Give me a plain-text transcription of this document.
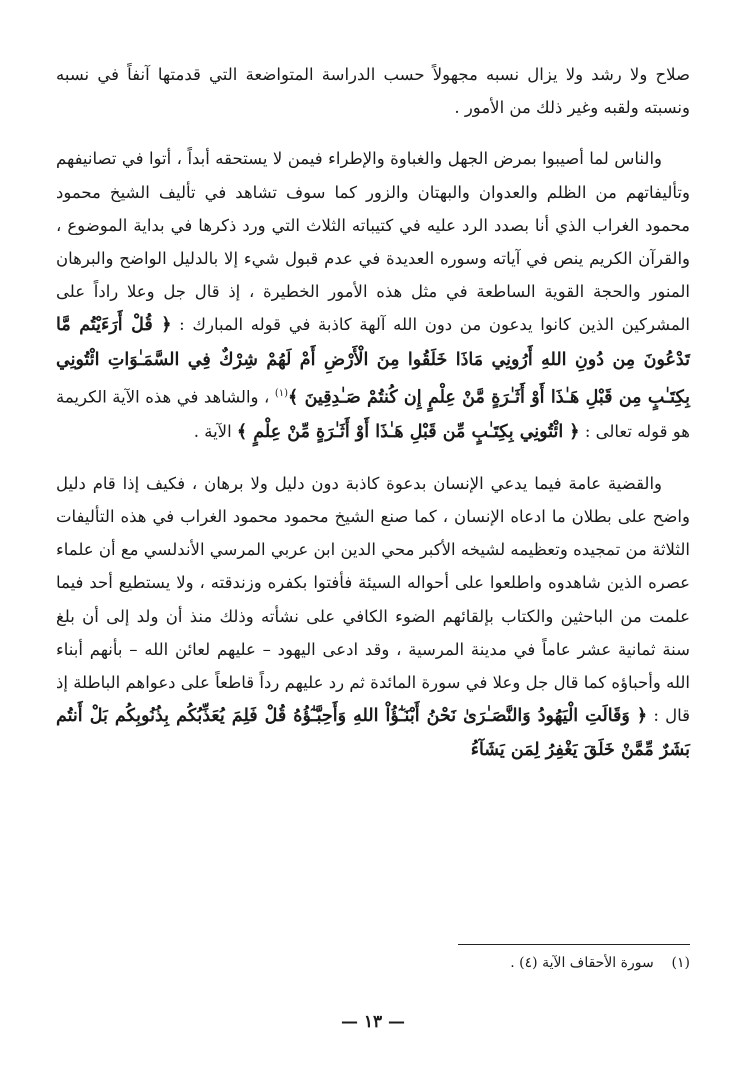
صلاح ولا رشد ولا يزال نسبه مجهولاً حسب الدراسة المتواضعة التي قدمتها آنفاً في نسبه ونسبته ولقبه وغير ذلك من الأمور .

والناس لما أصيبوا بمرض الجهل والغباوة والإطراء فيمن لا يستحقه أبداً ، أتوا في تصانيفهم وتأليفاتهم من الظلم والعدوان والبهتان والزور كما سوف تشاهد في تأليف الشيخ محمود محمود الغراب الذي أنا بصدد الرد عليه في كتيباته الثلاث التي ورد ذكرها في بداية الموضوع ، والقرآن الكريم ينص في آياته وسوره العديدة في عدم قبول شيء إلا بالدليل الواضح والبرهان المنور والحجة القوية الساطعة في مثل هذه الأمور الخطيرة ، إذ قال جل وعلا راداً على المشركين الذين كانوا يدعون من دون الله آلهة كاذبة في قوله المبارك : ﴿ قُلْ أَرَءَيْتُم مَّا تَدْعُونَ مِن دُونِ اللهِ أَرُونِي مَاذَا خَلَقُوا مِنَ الْأَرْضِ أَمْ لَهُمْ شِرْكٌ فِي السَّمَـٰوَاتِ ائْتُونِي بِكِتَـٰبٍ مِن قَبْلِ هَـٰذَا أَوْ أَثَـٰرَةٍ مَّنْ عِلْمٍ إِن كُنتُمْ صَـٰدِقِينَ ﴾$^{(١)}$ ، والشاهد في هذه الآية الكريمة هو قوله تعالى : ﴿ ائْتُونِي بِكِتَـٰبٍ مِّن قَبْلِ هَـٰذَا أَوْ أَثَـٰرَةٍ مِّنْ عِلْمٍ ﴾ الآية .

والقضية عامة فيما يدعي الإنسان بدعوة كاذبة دون دليل ولا برهان ، فكيف إذا قام دليل واضح على بطلان ما ادعاه الإنسان ، كما صنع الشيخ محمود محمود الغراب في هذه التأليفات الثلاثة من تمجيده وتعظيمه لشيخه الأكبر محي الدين ابن عربي المرسي الأندلسي مع أن علماء عصره الذين شاهدوه واطلعوا على أحواله السيئة فأفتوا بكفره وزندقته ، ولا يستطيع أحد فيما علمت من الباحثين والكتاب بإلقائهم الضوء الكافي على نشأته وذلك منذ أن ولد إلى أن بلغ سنة ثمانية عشر عاماً في مدينة المرسية ، وقد ادعى اليهود – عليهم لعائن الله – بأنهم أبناء الله وأحباؤه كما قال جل وعلا في سورة المائدة ثم رد عليهم رداً قاطعاً على دعواهم الباطلة إذ قال : ﴿ وَقَالَتِ الْيَهُودُ وَالنَّصَـٰرَىٰ نَحْنُ أَبْنَـٰٓؤُاْ اللهِ وَأَحِبَّـٰٓؤُهُ قُلْ فَلِمَ يُعَذِّبُكُم بِذُنُوبِكُم بَلْ أَنتُم بَشَرٌ مِّمَّنْ خَلَقَ يَغْفِرُ لِمَن يَشَآءُ

(١)    سورة الأحقاف الآية (٤) .
— ١٣ —
